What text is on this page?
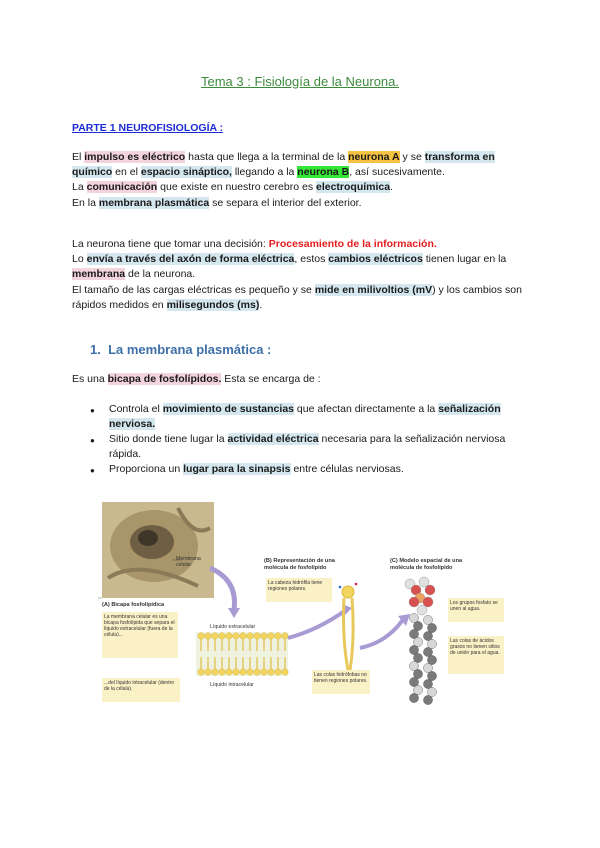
Tema 3 : Fisiología de la Neurona.
PARTE 1 NEUROFISIOLOGÍA :
El impulso es eléctrico hasta que llega a la terminal de la neurona A y se transforma en químico en el espacio sináptico, llegando a la neurona B, así sucesivamente.
La comunicación que existe en nuestro cerebro es electroquímica.
En la membrana plasmática se separa el interior del exterior.
La neurona tiene que tomar una decisión: Procesamiento de la información.
Lo envía a través del axón de forma eléctrica, estos cambios eléctricos tienen lugar en la membrana de la neurona.
El tamaño de las cargas eléctricas es pequeño y se mide en milivoltios (mV) y los cambios son rápidos medidos en milisegundos (ms).
1. La membrana plasmática :
Es una bicapa de fosfolípidos. Esta se encarga de :
● Controla el movimiento de sustancias que afectan directamente a la señalización nerviosa.
● Sitio donde tiene lugar la actividad eléctrica necesaria para la señalización nerviosa rápida.
● Proporciona un lugar para la sinapsis entre células nerviosas.
Membrana celular
(A) Bicapa fosfolipídica
La membrana celular es una bicapa fosfolípida que separa el líquido extracelular (fuera de la célula)...
...del líquido intracelular (dentro de la célula).
Líquido extracelular
Líquido intracelular
(B) Representación de una molécula de fosfolípido
La cabeza hidrófila tiene regiones polares.
Las colas hidrófobas no tienen regiones polares.
(C) Modelo espacial de una molécula de fosfolípido
Los grupos fosfato se unen al agua.
Las colas de ácidos grasos no tienen sitios de unión para el agua.
